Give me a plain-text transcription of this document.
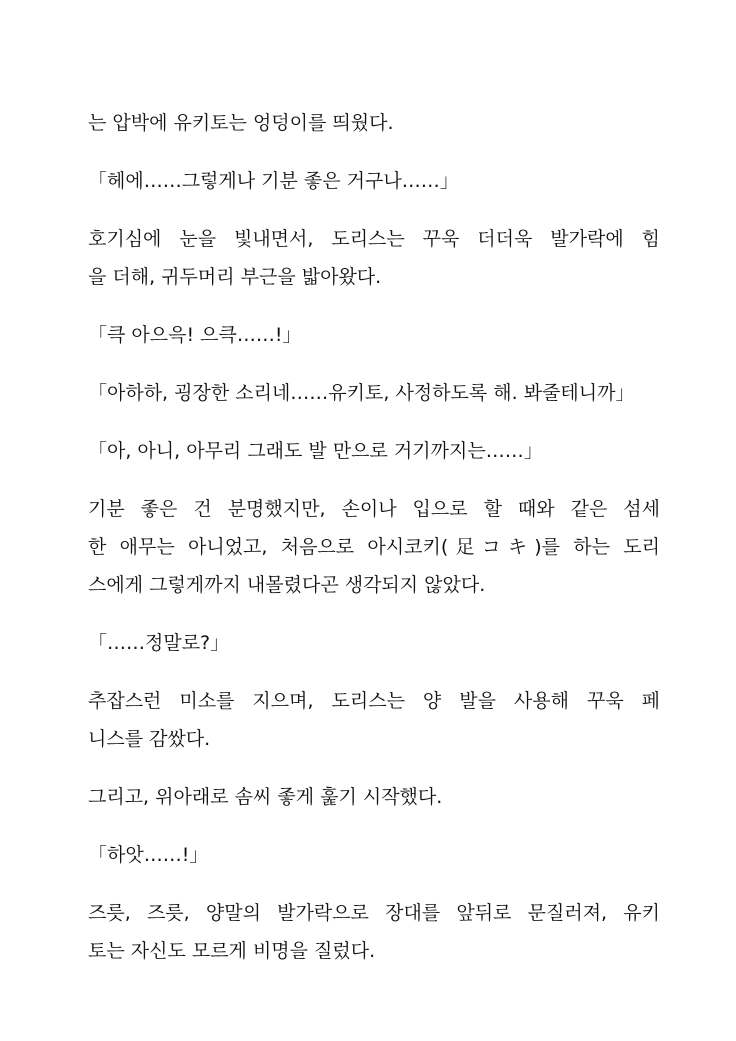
는 압박에 유키토는 엉덩이를 띄웠다.

「헤에……그렇게나 기분 좋은 거구나……」

호기심에 눈을 빛내면서, 도리스는 꾸욱 더더욱 발가락에 힘
을 더해, 귀두머리 부근을 밟아왔다.

「큭 아으윽! 으큭……!」

「아하하, 굉장한 소리네……유키토, 사정하도록 해. 봐줄테니까」

「아, 아니, 아무리 그래도 발 만으로 거기까지는……」

기분 좋은 건 분명했지만, 손이나 입으로 할 때와 같은 섬세
한 애무는 아니었고, 처음으로 아시코키(足コキ)를 하는 도리
스에게 그렇게까지 내몰렸다곤 생각되지 않았다.

「……정말로?」

추잡스런 미소를 지으며, 도리스는 양 발을 사용해 꾸욱 페
니스를 감쌌다.

그리고, 위아래로 솜씨 좋게 훑기 시작했다.

「하앗……!」

즈릇, 즈릇, 양말의 발가락으로 장대를 앞뒤로 문질러져, 유키
토는 자신도 모르게 비명을 질렀다.
